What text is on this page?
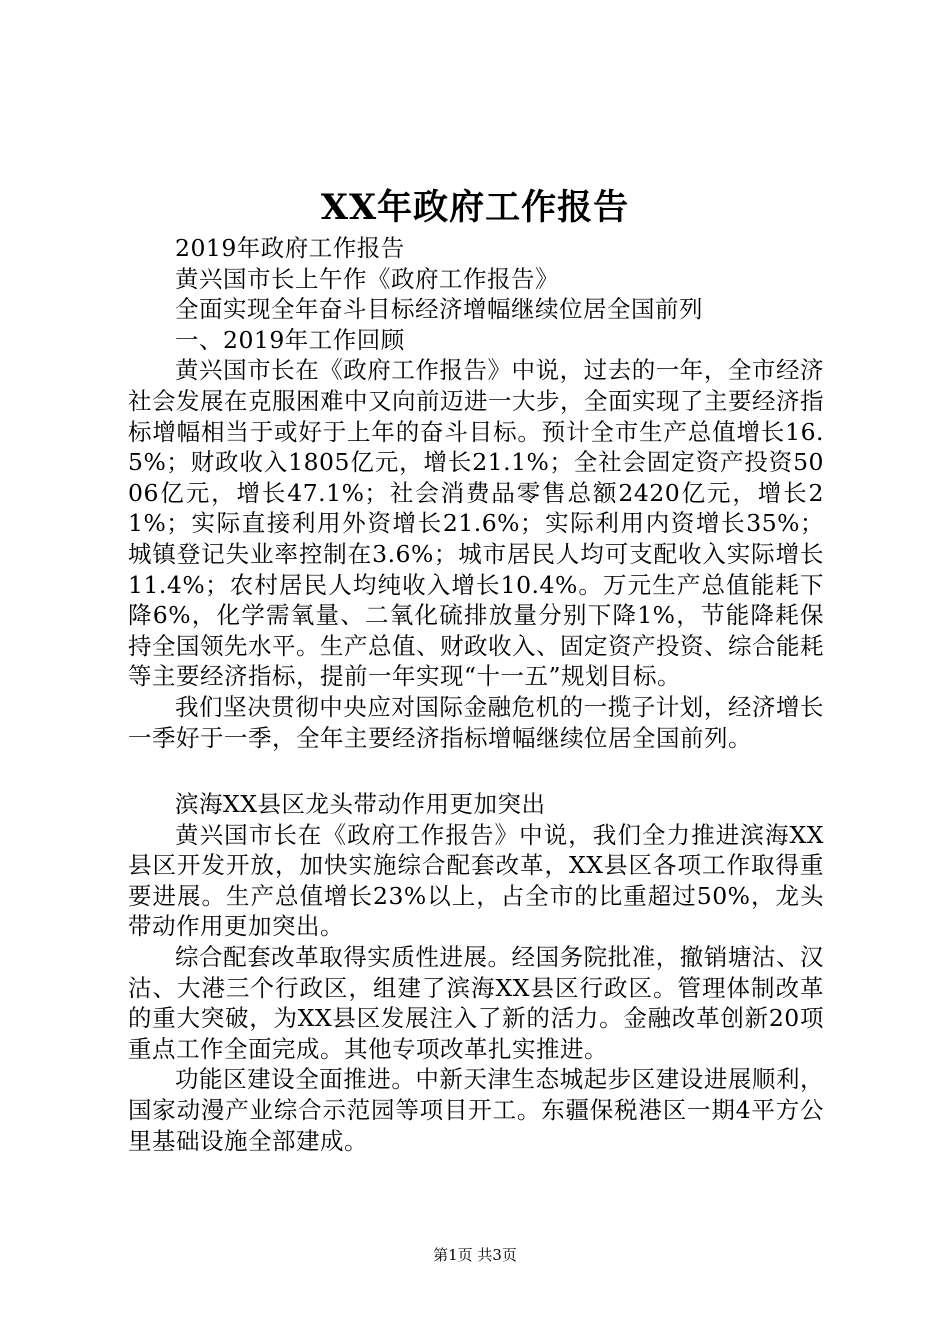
XX年政府工作报告

2019年政府工作报告

黄兴国市长上午作《政府工作报告》

全面实现全年奋斗目标经济增幅继续位居全国前列

一、2019年工作回顾

黄兴国市长在《政府工作报告》中说，过去的一年，全市经济社会发展在克服困难中又向前迈进一大步，全面实现了主要经济指标增幅相当于或好于上年的奋斗目标。预计全市生产总值增长16.5%；财政收入1805亿元，增长21.1%；全社会固定资产投资5006亿元，增长47.1%；社会消费品零售总额2420亿元，增长21%；实际直接利用外资增长21.6%；实际利用内资增长35%；城镇登记失业率控制在3.6%；城市居民人均可支配收入实际增长11.4%；农村居民人均纯收入增长10.4%。万元生产总值能耗下降6%，化学需氧量、二氧化硫排放量分别下降1%，节能降耗保持全国领先水平。生产总值、财政收入、固定资产投资、综合能耗等主要经济指标，提前一年实现“十一五”规划目标。

我们坚决贯彻中央应对国际金融危机的一揽子计划，经济增长一季好于一季，全年主要经济指标增幅继续位居全国前列。

滨海XX县区龙头带动作用更加突出

黄兴国市长在《政府工作报告》中说，我们全力推进滨海XX县区开发开放，加快实施综合配套改革，XX县区各项工作取得重要进展。生产总值增长23%以上，占全市的比重超过50%，龙头带动作用更加突出。

综合配套改革取得实质性进展。经国务院批准，撤销塘沽、汉沽、大港三个行政区，组建了滨海XX县区行政区。管理体制改革的重大突破，为XX县区发展注入了新的活力。金融改革创新20项重点工作全面完成。其他专项改革扎实推进。

功能区建设全面推进。中新天津生态城起步区建设进展顺利，国家动漫产业综合示范园等项目开工。东疆保税港区一期4平方公里基础设施全部建成。

第1页 共3页
